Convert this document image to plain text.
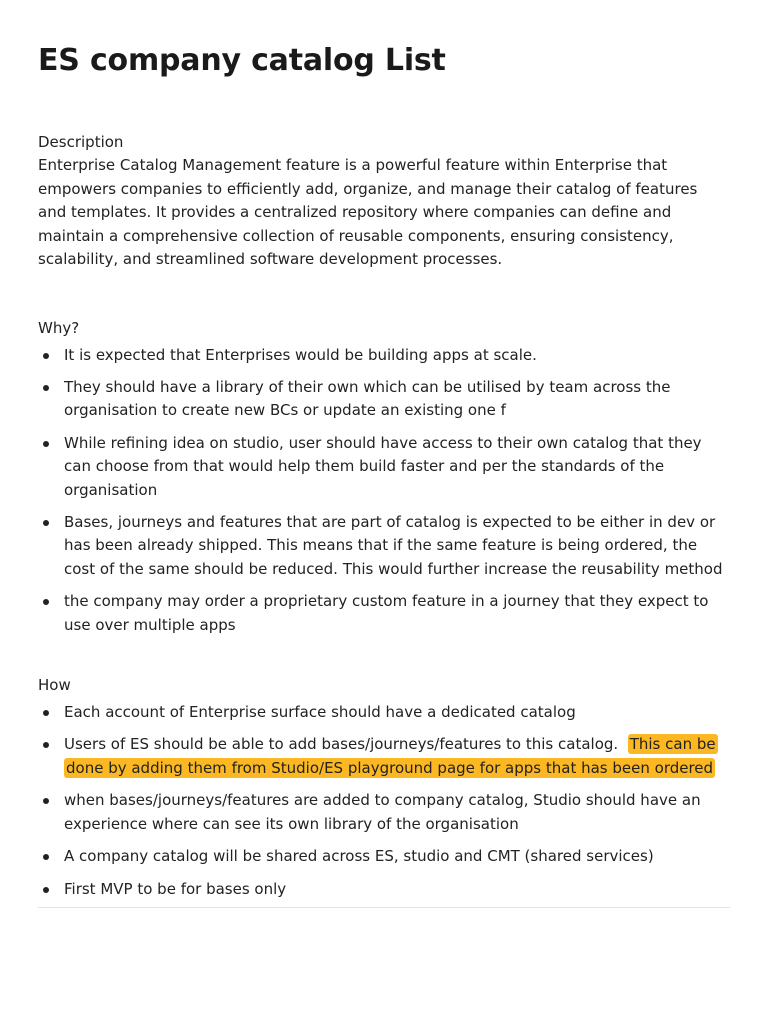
ES company catalog List
Description
Enterprise Catalog Management feature is a powerful feature within Enterprise that empowers companies to efficiently add, organize, and manage their catalog of features and templates. It provides a centralized repository where companies can define and maintain a comprehensive collection of reusable components, ensuring consistency, scalability, and streamlined software development processes.
Why?
It is expected that Enterprises would be building apps at scale.
They should have a library of their own which can be utilised by team across the organisation to create new BCs or update an existing one f
While refining idea on studio, user should have access to their own catalog that they can choose from that would help them build faster and per the standards of the organisation
Bases, journeys and features that are part of catalog is expected to be either in dev or has been already shipped. This means that if the same feature is being ordered, the cost of the same should be reduced. This would further increase the reusability method
the company may order a proprietary custom feature in a journey that they expect to use over multiple apps
How
Each account of Enterprise surface should have a dedicated catalog
Users of ES should be able to add bases/journeys/features to this catalog. This can be done by adding them from Studio/ES playground page for apps that has been ordered
when bases/journeys/features are added to company catalog, Studio should have an experience where can see its own library of the organisation
A company catalog will be shared across ES, studio and CMT (shared services)
First MVP to be for bases only
